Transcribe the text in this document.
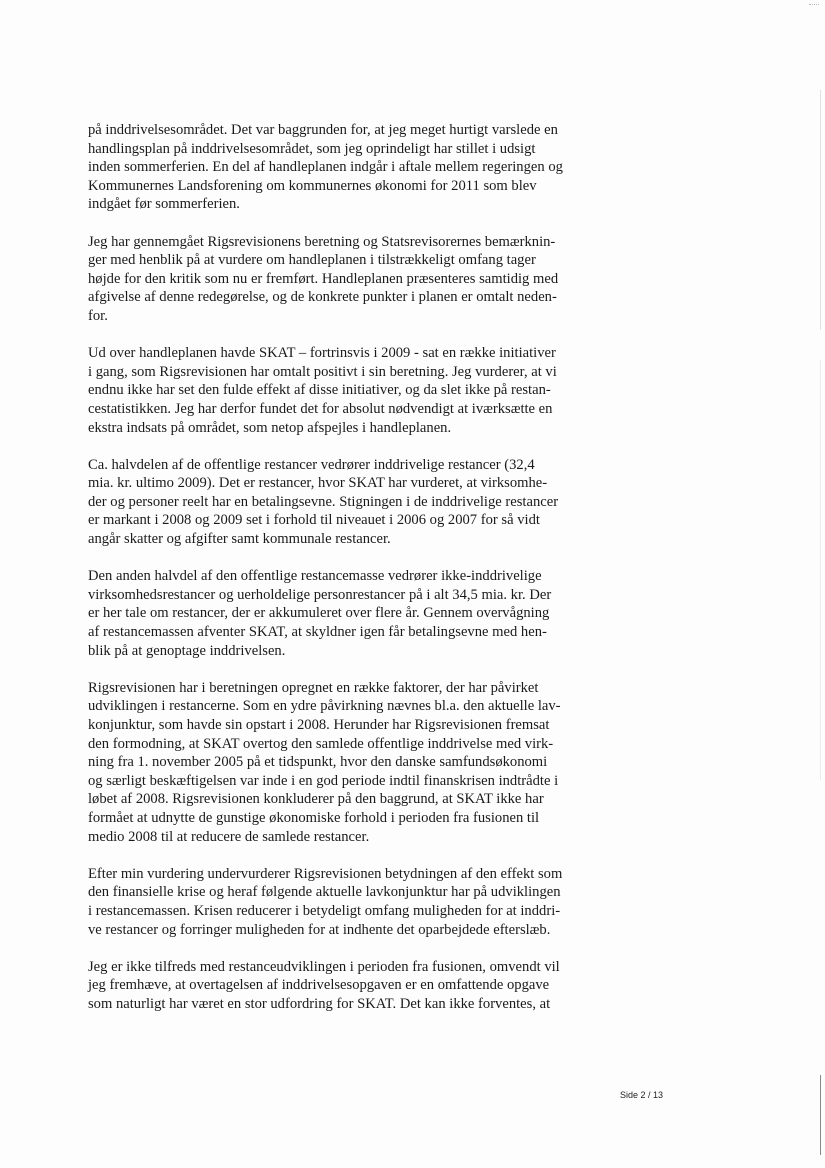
på inddrivelsesområdet. Det var baggrunden for, at jeg meget hurtigt varslede en
handlingsplan på inddrivelsesområdet, som jeg oprindeligt har stillet i udsigt
inden sommerferien. En del af handleplanen indgår i aftale mellem regeringen og
Kommunernes Landsforening om kommunernes økonomi for 2011 som blev
indgået før sommerferien.

Jeg har gennemgået Rigsrevisionens beretning og Statsrevisorernes bemærknin-
ger med henblik på at vurdere om handleplanen i tilstrækkeligt omfang tager
højde for den kritik som nu er fremført. Handleplanen præsenteres samtidig med
afgivelse af denne redegørelse, og de konkrete punkter i planen er omtalt neden-
for.

Ud over handleplanen havde SKAT – fortrinsvis i 2009 - sat en række initiativer
i gang, som Rigsrevisionen har omtalt positivt i sin beretning. Jeg vurderer, at vi
endnu ikke har set den fulde effekt af disse initiativer, og da slet ikke på restan-
cestatistikken. Jeg har derfor fundet det for absolut nødvendigt at iværksætte en
ekstra indsats på området, som netop afspejles i handleplanen.

Ca. halvdelen af de offentlige restancer vedrører inddrivelige restancer (32,4
mia. kr. ultimo 2009). Det er restancer, hvor SKAT har vurderet, at virksomhe-
der og personer reelt har en betalingsevne. Stigningen i de inddrivelige restancer
er markant i 2008 og 2009 set i forhold til niveauet i 2006 og 2007 for så vidt
angår skatter og afgifter samt kommunale restancer.

Den anden halvdel af den offentlige restancemasse vedrører ikke-inddrivelige
virksomhedsrestancer og uerholdelige personrestancer på i alt 34,5 mia. kr. Der
er her tale om restancer, der er akkumuleret over flere år. Gennem overvågning
af restancemassen afventer SKAT, at skyldner igen får betalingsevne med hen-
blik på at genoptage inddrivelsen.

Rigsrevisionen har i beretningen opregnet en række faktorer, der har påvirket
udviklingen i restancerne. Som en ydre påvirkning nævnes bl.a. den aktuelle lav-
konjunktur, som havde sin opstart i 2008. Herunder har Rigsrevisionen fremsat
den formodning, at SKAT overtog den samlede offentlige inddrivelse med virk-
ning fra 1. november 2005 på et tidspunkt, hvor den danske samfundsøkonomi
og særligt beskæftigelsen var inde i en god periode indtil finanskrisen indtrådte i
løbet af 2008. Rigsrevisionen konkluderer på den baggrund, at SKAT ikke har
formået at udnytte de gunstige økonomiske forhold i perioden fra fusionen til
medio 2008 til at reducere de samlede restancer.

Efter min vurdering undervurderer Rigsrevisionen betydningen af den effekt som
den finansielle krise og heraf følgende aktuelle lavkonjunktur har på udviklingen
i restancemassen. Krisen reducerer i betydeligt omfang muligheden for at inddri-
ve restancer og forringer muligheden for at indhente det oparbejdede efterslæb.

Jeg er ikke tilfreds med restanceudviklingen i perioden fra fusionen, omvendt vil
jeg fremhæve, at overtagelsen af inddrivelsesopgaven er en omfattende opgave
som naturligt har været en stor udfordring for SKAT. Det kan ikke forventes, at

Side 2 / 13
